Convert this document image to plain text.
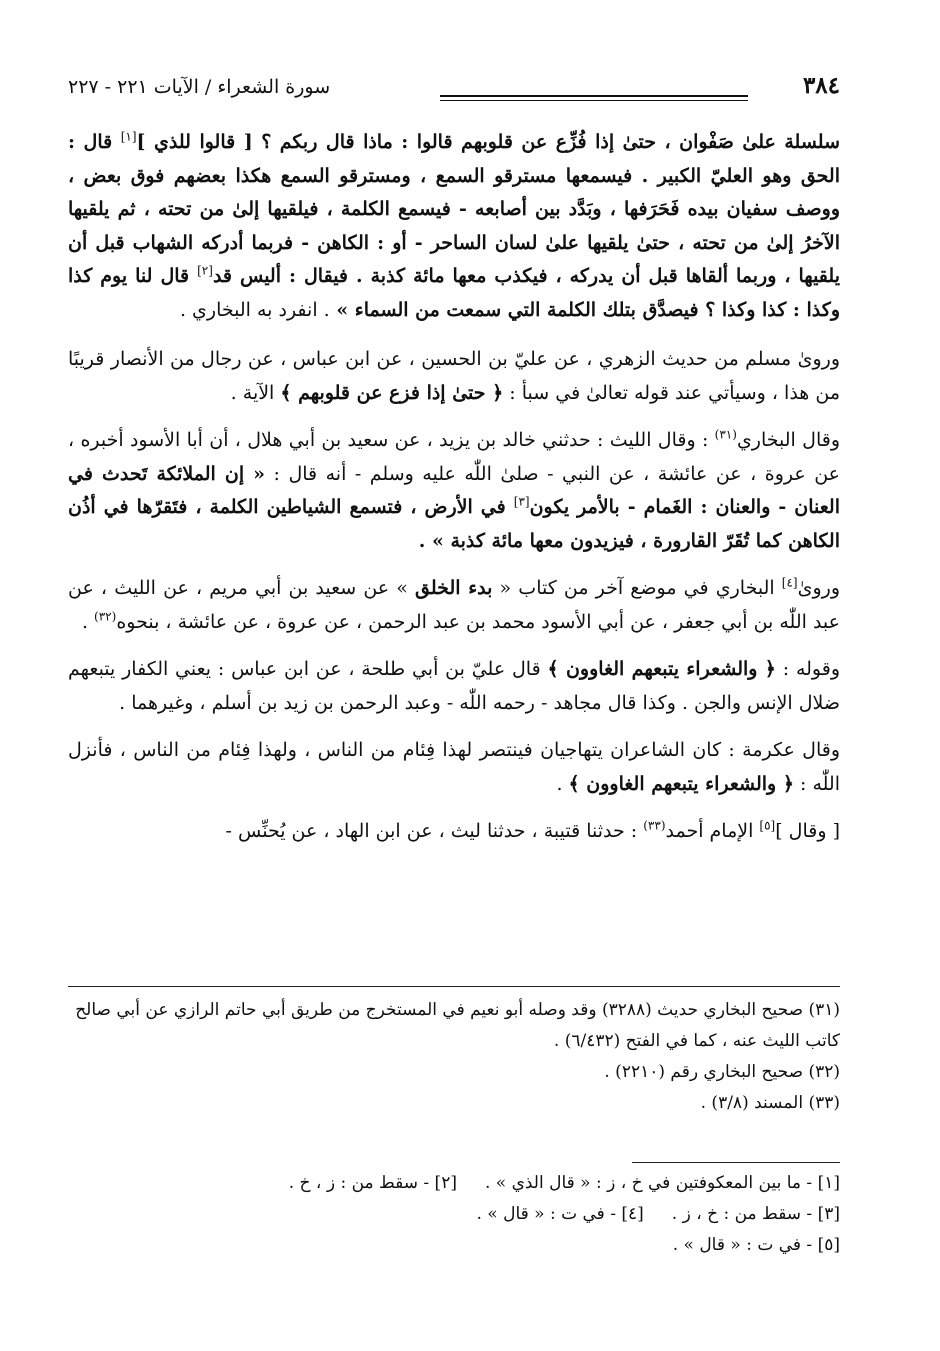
٣٨٤
سورة الشعراء / الآيات ٢٢١ - ٢٢٧

سلسلة علىٰ صَفْوان ، حتىٰ إذا فُزِّع عن قلوبهم قالوا : ماذا قال ربكم ؟ [ قالوا للذي ][١] قال : الحق وهو العليّ الكبير . فيسمعها مسترقو السمع ، ومسترقو السمع هكذا بعضهم فوق بعض ، ووصف سفيان بيده فَحَرَفها ، وبَدَّد بين أصابعه - فيسمع الكلمة ، فيلقيها إلىٰ من تحته ، ثم يلقيها الآخرُ إلىٰ من تحته ، حتىٰ يلقيها علىٰ لسان الساحر - أو : الكاهن - فربما أدركه الشهاب قبل أن يلقيها ، وربما ألقاها قبل أن يدركه ، فيكذب معها مائة كذبة . فيقال : أليس قد[٢] قال لنا يوم كذا وكذا : كذا وكذا ؟ فيصدَّق بتلك الكلمة التي سمعت من السماء » . انفرد به البخاري .

وروىٰ مسلم من حديث الزهري ، عن عليّ بن الحسين ، عن ابن عباس ، عن رجال من الأنصار قريبًا من هذا ، وسيأتي عند قوله تعالىٰ في سبأ : ﴿ حتىٰ إذا فزع عن قلوبهم ﴾ الآية .

وقال البخاري$^{(٣١)}$ : وقال الليث : حدثني خالد بن يزيد ، عن سعيد بن أبي هلال ، أن أبا الأسود أخبره ، عن عروة ، عن عائشة ، عن النبي - صلىٰ اللّٰه عليه وسلم - أنه قال : « إن الملائكة تَحدث في العنان - والعنان : الغَمام - بالأمر يكون[٣] في الأرض ، فتسمع الشياطين الكلمة ، فتَقرّها في أذُن الكاهن كما تُقَرّ القارورة ، فيزيدون معها مائة كذبة » .

وروىٰ[٤] البخاري في موضع آخر من كتاب « بدء الخلق » عن سعيد بن أبي مريم ، عن الليث ، عن عبد اللّٰه بن أبي جعفر ، عن أبي الأسود محمد بن عبد الرحمن ، عن عروة ، عن عائشة ، بنحوه$^{(٣٢)}$ .

وقوله : ﴿ والشعراء يتبعهم الغاوون ﴾ قال عليّ بن أبي طلحة ، عن ابن عباس : يعني الكفار يتبعهم ضلال الإنس والجن . وكذا قال مجاهد - رحمه اللّٰه - وعبد الرحمن بن زيد بن أسلم ، وغيرهما .

وقال عكرمة : كان الشاعران يتهاجيان فينتصر لهذا فِئام من الناس ، ولهذا فِئام من الناس ، فأنزل اللّٰه : ﴿ والشعراء يتبعهم الغاوون ﴾ .

[ وقال ][٥] الإمام أحمد$^{(٣٣)}$ : حدثنا قتيبة ، حدثنا ليث ، عن ابن الهاد ، عن يُحنِّس -

(٣١) صحيح البخاري حديث (٣٢٨٨) وقد وصله أبو نعيم في المستخرج من طريق أبي حاتم الرازي عن أبي صالح كاتب الليث عنه ، كما في الفتح (٦/٤٣٢) .

(٣٢) صحيح البخاري رقم (٢٢١٠) .

(٣٣) المسند (٣/٨) .

[١] - ما بين المعكوفتين في خ ، ز : « قال الذي » .

[٢] - سقط من : ز ، خ .

[٣] - سقط من : خ ، ز .

[٤] - في ت : « قال » .

[٥] - في ت : « قال » .
